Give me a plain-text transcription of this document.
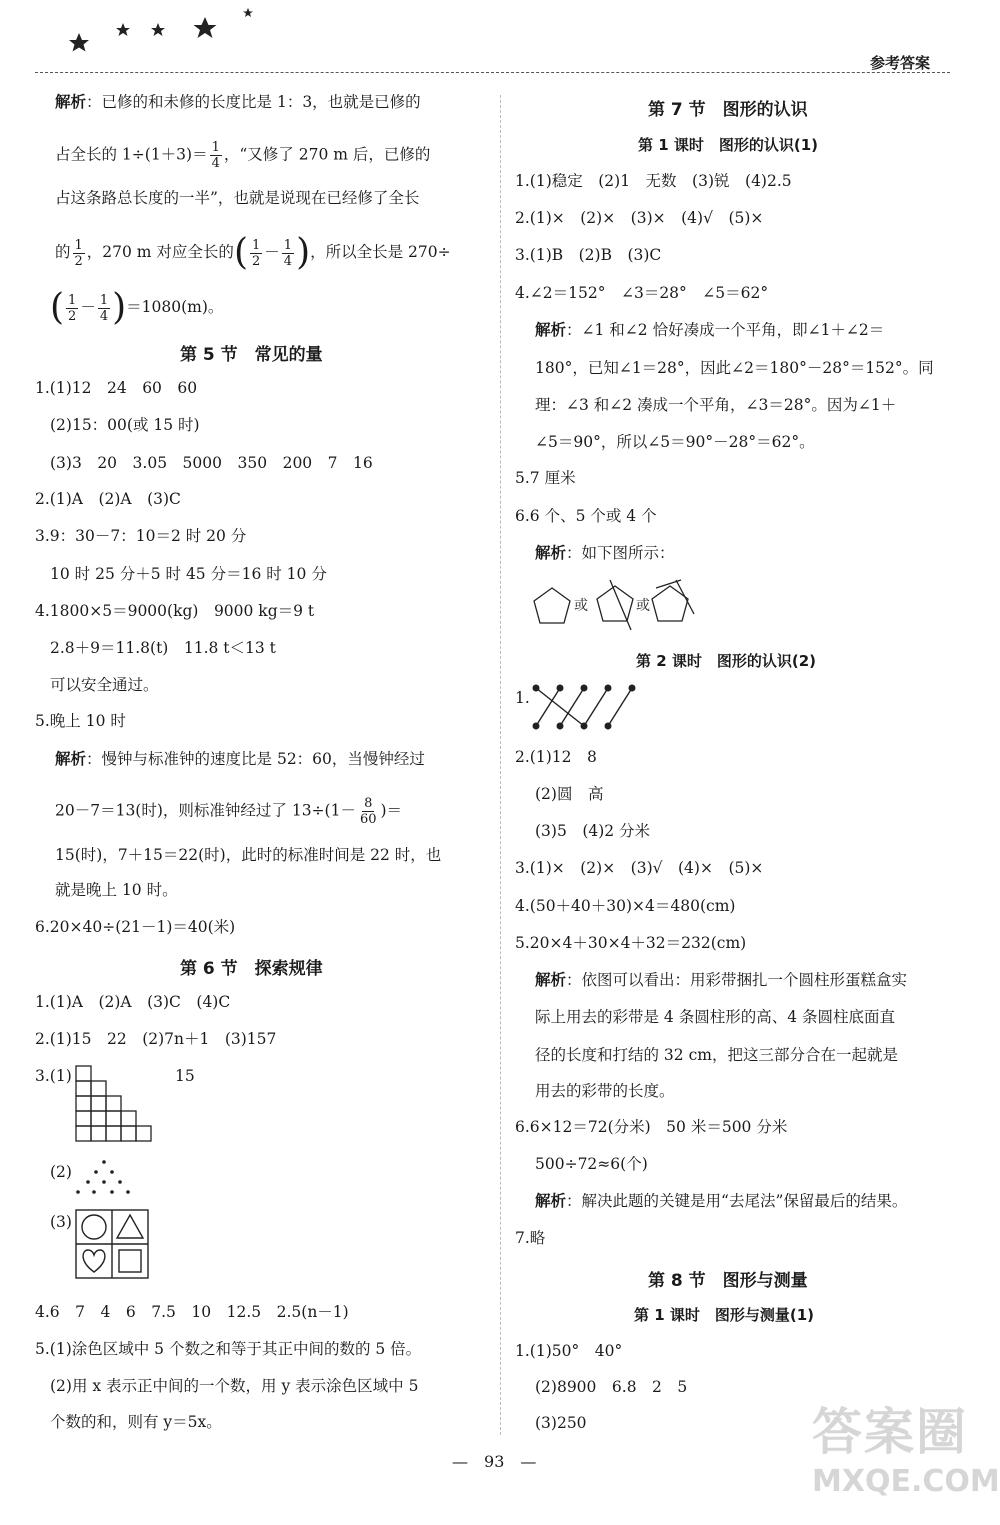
参考答案
解析：已修的和未修的长度比是 1：3，也就是已修的
占全长的 $1\div(1+3)= \frac{1}{4}$ ，“又修了 270 m 后，已修的
占这条路总长度的一半”，也就是说现在已经修了全长
的 $\frac{1}{2}$ ，270 m 对应全长的( $\frac{1}{2} - \frac{1}{4}$ )，所以全长是 270÷
( $\frac{1}{2} - \frac{1}{4} )=1080(m)$。
第 5 节　常见的量
1.(1)12　24　60　60
(2)15：00(或 15 时)
(3)3　20　3.05　5000　350　200　7　16
2.(1)A　(2)A　(3)C
3.9：30－7：10＝2 时 20 分
10 时 25 分＋5 时 45 分＝16 时 10 分
4.1800×5＝9000(kg)　9000 kg＝9 t
2.8＋9＝11.8(t)　11.8 t＜13 t
可以安全通过。
5.晚上 10 时
解析：慢钟与标准钟的速度比是 52：60，当慢钟经过
20－7＝13(时)，则标准钟经过了 $13\div(1- \frac{8}{60}$ )＝
15(时)，7＋15＝22(时)，此时的标准时间是 22 时，也
就是晚上 10 时。
6.20×40÷(21－1)＝40(米)
第 6 节　探索规律
1.(1)A　(2)A　(3)C　(4)C
2.(1)15　22　(2)7n＋1　(3)157
3.(1)	15
(2)
(3)
4.6　7　4　6　7.5　10　12.5　2.5(n－1)
5.(1)涂色区域中 5 个数之和等于其正中间的数的 5 倍。
(2)用 x 表示正中间的一个数，用 y 表示涂色区域中 5
个数的和，则有 y＝5x。
第 7 节　图形的认识
第 1 课时　图形的认识(1)
1.(1)稳定　(2)1　无数　(3)锐　(4)2.5
2.(1)×　(2)×　(3)×　(4)√　(5)×
3.(1)B　(2)B　(3)C
4.∠2＝152°　∠3＝28°　∠5＝62°
解析：∠1 和∠2 恰好凑成一个平角，即∠1＋∠2＝
180°，已知∠1＝28°，因此∠2＝180°－28°＝152°。同
理：∠3 和∠2 凑成一个平角，∠3＝28°。因为∠1＋
∠5＝90°，所以∠5＝90°－28°＝62°。
5.7 厘米
6.6 个、5 个或 4 个
解析：如下图所示：
或	或
第 2 课时　图形的认识(2)
1.
2.(1)12　8
(2)圆　高
(3)5　(4)2 分米
3.(1)×　(2)×　(3)√　(4)×　(5)×
4.(50＋40＋30)×4＝480(cm)
5.20×4＋30×4＋32＝232(cm)
解析：依图可以看出：用彩带捆扎一个圆柱形蛋糕盒实
际上用去的彩带是 4 条圆柱形的高、4 条圆柱底面直
径的长度和打结的 32 cm，把这三部分合在一起就是
用去的彩带的长度。
6.6×12＝72(分米)　50 米＝500 分米
500÷72≈6(个)
解析：解决此题的关键是用“去尾法”保留最后的结果。
7.略
第 8 节　图形与测量
第 1 课时　图形与测量(1)
1.(1)50°　40°
(2)8900　6.8　2　5
(3)250
—　93　—
答案圈
MXQE.COM
